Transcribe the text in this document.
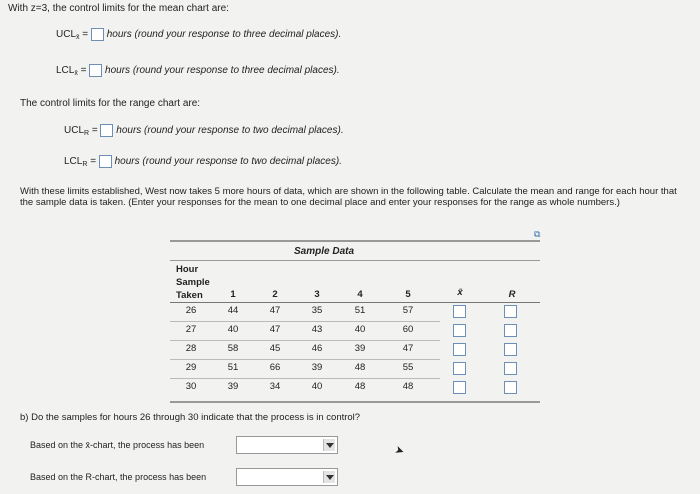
With z=3, the control limits for the mean chart are:
$UCL_{x̄}$ = hours (round your response to three decimal places).
$LCL_{x̄}$ = hours (round your response to three decimal places).
The control limits for the range chart are:
$UCL_R$ = hours (round your response to two decimal places).
$LCL_R$ = hours (round your response to two decimal places).
With these limits established, West now takes 5 more hours of data, which are shown in the following table. Calculate the mean and range for each hour that the sample data is taken. (Enter your responses for the mean to one decimal place and enter your responses for the range as whole numbers.)
⧉
Sample Data
Hour
Sample
Taken	1	2	3	4	5	x̄	R
26	44	47	35	51	57
27	40	47	43	40	60
28	58	45	46	39	47
29	51	66	39	48	55
30	39	34	40	48	48
b) Do the samples for hours 26 through 30 indicate that the process is in control?
Based on the x̄-chart, the process has been	➤
Based on the R-chart, the process has been
